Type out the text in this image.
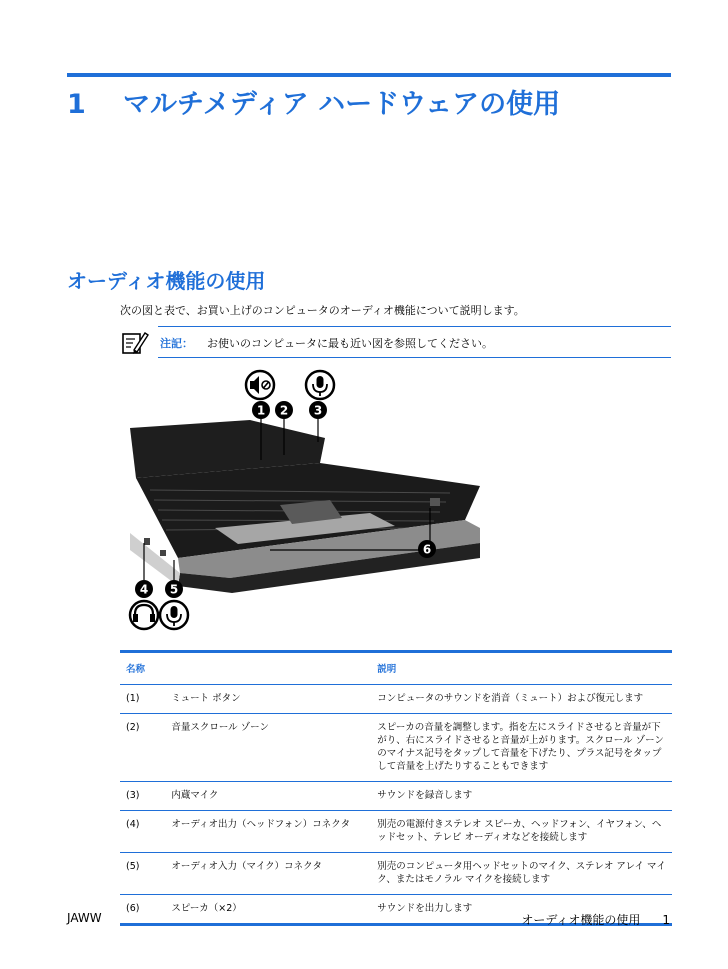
1 マルチメディア ハードウェアの使用
オーディオ機能の使用

次の図と表で、お買い上げのコンピュータのオーディオ機能について説明します。

注記： お使いのコンピュータに最も近い図を参照してください。
1 2 3
6
4 5
名称		説明
(1)	ミュート ボタン	コンピュータのサウンドを消音（ミュート）および復元します
(2)	音量スクロール ゾーン	スピーカの音量を調整します。指を左にスライドさせると音量が下がり、右にスライドさせると音量が上がります。スクロール ゾーンのマイナス記号をタップして音量を下げたり、プラス記号をタップして音量を上げたりすることもできます
(3)	内蔵マイク	サウンドを録音します
(4)	オーディオ出力（ヘッドフォン）コネクタ	別売の電源付きステレオ スピーカ、ヘッドフォン、イヤフォン、ヘッドセット、テレビ オーディオなどを接続します
(5)	オーディオ入力（マイク）コネクタ	別売のコンピュータ用ヘッドセットのマイク、ステレオ アレイ マイク、またはモノラル マイクを接続します
(6)	スピーカ（×2）	サウンドを出力します
JAWW	オーディオ機能の使用 1
